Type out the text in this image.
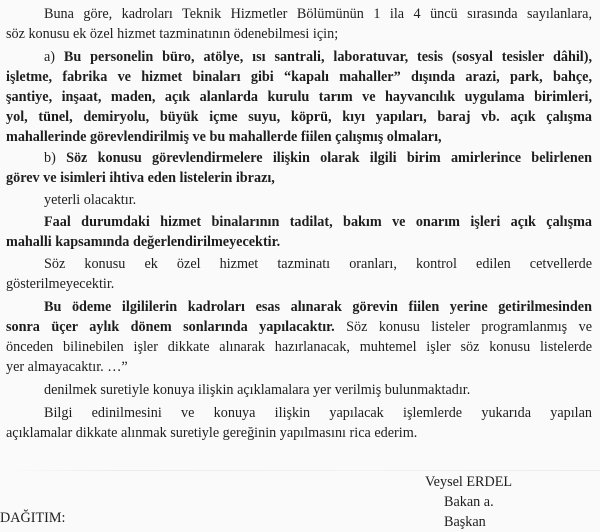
Buna göre, kadroları Teknik Hizmetler Bölümünün 1 ila 4 üncü sırasında sayılanlara,
söz konusu ek özel hizmet tazminatının ödenebilmesi için;
a) Bu personelin büro, atölye, ısı santrali, laboratuvar, tesis (sosyal tesisler dâhil),
işletme, fabrika ve hizmet binaları gibi “kapalı mahaller” dışında arazi, park, bahçe,
şantiye, inşaat, maden, açık alanlarda kurulu tarım ve hayvancılık uygulama birimleri,
yol, tünel, demiryolu, büyük içme suyu, köprü, kıyı yapıları, baraj vb. açık çalışma
mahallerinde görevlendirilmiş ve bu mahallerde fiilen çalışmış olmaları,
b) Söz konusu görevlendirmelere ilişkin olarak ilgili birim amirlerince belirlenen
görev ve isimleri ihtiva eden listelerin ibrazı,
yeterli olacaktır.
Faal durumdaki hizmet binalarının tadilat, bakım ve onarım işleri açık çalışma
mahalli kapsamında değerlendirilmeyecektir.
Söz konusu ek özel hizmet tazminatı oranları, kontrol edilen cetvellerde
gösterilmeyecektir.
Bu ödeme ilgililerin kadroları esas alınarak görevin fiilen yerine getirilmesinden
sonra üçer aylık dönem sonlarında yapılacaktır. Söz konusu listeler programlanmış ve
önceden bilinebilen işler dikkate alınarak hazırlanacak, muhtemel işler söz konusu listelerde
yer almayacaktır. …”
denilmek suretiyle konuya ilişkin açıklamalara yer verilmiş bulunmaktadır.
Bilgi edinilmesini ve konuya ilişkin yapılacak işlemlerde yukarıda yapılan
açıklamalar dikkate alınmak suretiyle gereğinin yapılmasını rica ederim.
Veysel ERDEL
Bakan a.
Başkan
DAĞITIM:
